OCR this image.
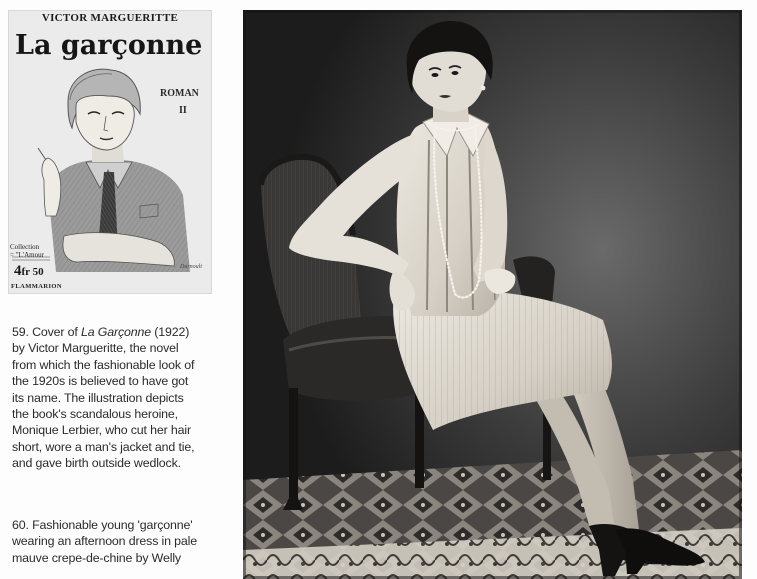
VICTOR MARGUERITTE
La garçonne
ROMAN
II
Collection
= "L'Amour
4fr 50
FLAMMARION
Durnoult
59. Cover of La Garçonne (1922)
by Victor Margueritte, the novel
from which the fashionable look of
the 1920s is believed to have got
its name. The illustration depicts
the book's scandalous heroine,
Monique Lerbier, who cut her hair
short, wore a man's jacket and tie,
and gave birth outside wedlock.
60. Fashionable young 'garçonne'
wearing an afternoon dress in pale
mauve crepe-de-chine by Welly
